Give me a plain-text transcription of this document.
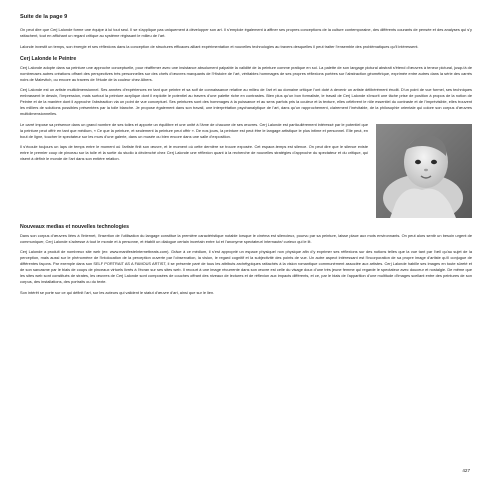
Suite de la page 9

On peut dire que Cerj Lalonde forme une équipe à lui tout seul. Il se s’applique pas uniquement à développer son art. Il s’emploie également à affiner ses propres conceptions de la culture contemporaine, des différents courants de pensée et des analyses qui s’y rattachent, tout en affichant un regard critique au système régissant le milieu de l’art.

Lalonde investit un temps, son énergie et ses réflexions dans la conception de structures efficaces alliant expérimentation et nouvelles technologies au travers desquelles il peut traiter l’ensemble des problématiques qu’il intéressent.

Cerj Lalonde le Peintre

Cerj Lalonde adopte dans sa peinture une approche conceptuelle, pour réaffirmer avec une insistance absolument palpable la validité de la peinture comme pratique en soi. La palette de son langage pictural abstrait s’étend d’œuvres à teneur pictural, jusqu’à de nombreuses autres créations offrant des perspectives très personnelles sur des chefs d’œuvres marquants de l’Histoire de l’art, véritables hommages de ses propres réflexions portées sur l’abstraction géométrique, exprimée entre autres dans la série des carrés noirs de Malevitch, ou encore au travers de l’étude de la couleur chez Albers.

Cerj Lalonde est un artiste multidimensionnel. Ses années d’expériences en tant que peintre et sa soif de connaissance relative au milieu de l’art et au domaine critique l’ont doté à devenir un artiste délibérément érudit. D’un point de vue formel, ses techniques embrassent le dessin, l’impression, mais surtout la peinture acrylique dont il exploite le potentiel au travers d’une palette riche en contrastes. Bien plus qu’un bon formaliste, le travail de Cerj Lalonde s’inscrit une tâche prise de position à propos de la notion de Peintre et de la manière dont il approche l’abstraction via un point de vue conceptuel. Ses peintures sont des hommages à la puissance et au sens parfois pris la couleur et la texture, elles célèbrent le rôle essentiel du contraste et de l’imprévisible, elles trouvent les milliers de solutions possibles présentées par la toile blanche. Je propose également dans son travail, une interprétation psychanalytique de l’art, dans qu’un rapprochement, clairement l’inévitable, de la philosophie orientale qui colore son corpus d’œuvres multidimensionnelles.

Le carré impose sa présence dans un grand nombre de ses toiles et apporte un équilibre et une unité à l’âme de chacune de ses œuvres. Cerj Lalonde est particulièrement intéressé par le potentiel que la peinture peut offrir en tant que médium, « Ce que la peinture, et seulement la peinture peut offrir ». De nos jours, la peinture est peut être le langage artistique le plus intime et personnel. Elle peut, en bout de ligne, toucher le spectateur sur les murs d’une galerie, dans un musée ou bien encore dans une salle d’exposition.

Il s’écoule toujours un laps de temps entre le moment où l’artiste finit son œuvre, et le moment où cette dernière se trouve exposée. Cet espace-temps est silence. On peut dire que le silence existe entre le premier coup de pinceau sur la toile et la sortie du studio à déclenché chez Cerj Lalonde une réflexion quant à la recherche de nouvelles stratégies d’approche du spectateur et du critique, qui visent à définir le monde de l’art dans son entière relation.

Nouveaux medias et nouvelles technologies

Dans son corpus d’œuvres liées à l’internet, l’insertion de l’utilisation du langage constitue la première caractéristique notable lorsque le cinéma est silencieux, pourvu par sa peinture, laisse place aux mots environnants. On peut alors sentir un besoin urgent de communiquer, Cerj Lalonde s’adresse à tout le monde et à personne, et établit un dialogue certain incertain entre lui et l’anonyme spectateur/ internaute/ curieux qui le lit.

Cerj Lalonde a produit de nombreux site web (ex: www.manifesteInternetbeats.com). Grâce à ce médium, il s’est approprié un espace physique/ non physique afin d’y exprimer ses réflexions sur des notions telles que la vue tant par l’œil qu’au sujet de la perception, mais aussi sur le phénomène de l’intolocation de la perception ouverte par l’observation, la vision, le regard cognitif et la subjectivité des points de vue. Un autre aspect intéressant est l’incorporation de sa propre image d’artiste qu’il conjugue de différentes façons. Par exemple dans son SELF PORTRAIT AS A FAMOUS ARTIST, il se présente paré de tous les attributs archétypiques rattachés à la vision romantique communément associée aux artistes. Cerj Lalonde habille ses images en toute sûreté et de son sarcasme par le biais de coups de pinceaux virtuels livrés à l’écran sur ses sites web. Il recourt à une image récurrente dans son œuvre est celle du visage doux d’une très jeune femme qui regarde le spectateur avec douceur et nostalgie. De même que les sites web sont constitués de strates, les œuvres de Cerj Lalonde sont composées de couches offrant des niveaux de lectures et de réflexion aux impacts différents, et ce, par le biais de l’apparition d’une multitude d’images scellant entre des peintures de son corpus, des installations, des portraits ou du texte.

Son intérêt se porte sur ce qui définit l’art, sur les acteurs qui valident le statut d’œuvre d’art, ainsi que sur le lien.

427
